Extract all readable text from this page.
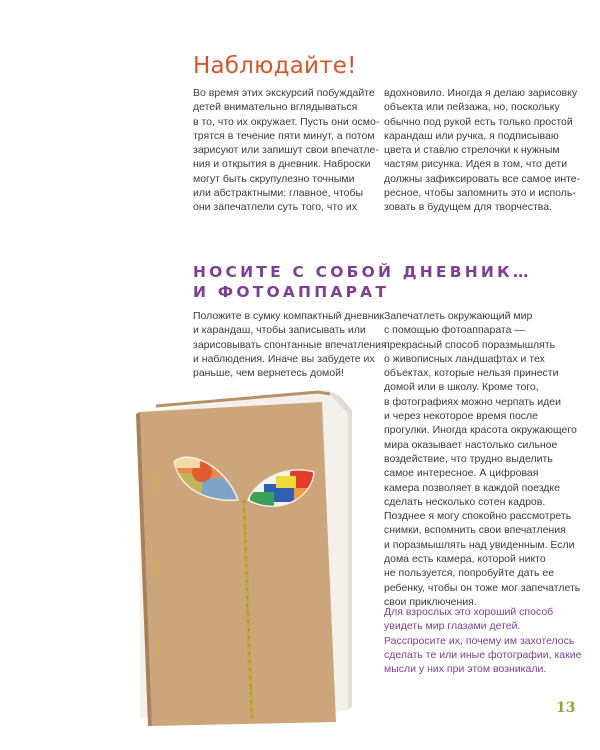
Наблюдайте!
Во время этих экскурсий побуждайте
детей внимательно вглядываться
в то, что их окружает. Пусть они осмо-
трятся в течение пяти минут, а потом
зарисуют или запишут свои впечатле-
ния и открытия в дневник. Наброски
могут быть скрупулезно точными
или абстрактными: главное, чтобы
они запечатлели суть того, что их
вдохновило. Иногда я делаю зарисовку
объекта или пейзажа, но, поскольку
обычно под рукой есть только простой
карандаш или ручка, я подписываю
цвета и ставлю стрелочки к нужным
частям рисунка. Идея в том, что дети
должны зафиксировать все самое инте-
ресное, чтобы запомнить это и исполь-
зовать в будущем для творчества.
НОСИТЕ С СОБОЙ ДНЕВНИК…
И ФОТОАППАРАТ
Положите в сумку компактный дневник
и карандаш, чтобы записывать или
зарисовывать спонтанные впечатления
и наблюдения. Иначе вы забудете их
раньше, чем вернетесь домой!
Запечатлеть окружающий мир
с помощью фотоаппарата —
прекрасный способ поразмышлять
о живописных ландшафтах и тех
объектах, которые нельзя принести
домой или в школу. Кроме того,
в фотографиях можно черпать идеи
и через некоторое время после
прогулки. Иногда красота окружающего
мира оказывает настолько сильное
воздействие, что трудно выделить
самое интересное. А цифровая
камера позволяет в каждой поездке
сделать несколько сотен кадров.
Позднее я могу спокойно рассмотреть
снимки, вспомнить свои впечатления
и поразмышлять над увиденным. Если
дома есть камера, которой никто
не пользуется, попробуйте дать ее
ребенку, чтобы он тоже мог запечатлеть
свои приключения.
Для взрослых это хороший способ
увидеть мир глазами детей.
Расспросите их, почему им захотелось
сделать те или иные фотографии, какие
мысли у них при этом возникали.
13
